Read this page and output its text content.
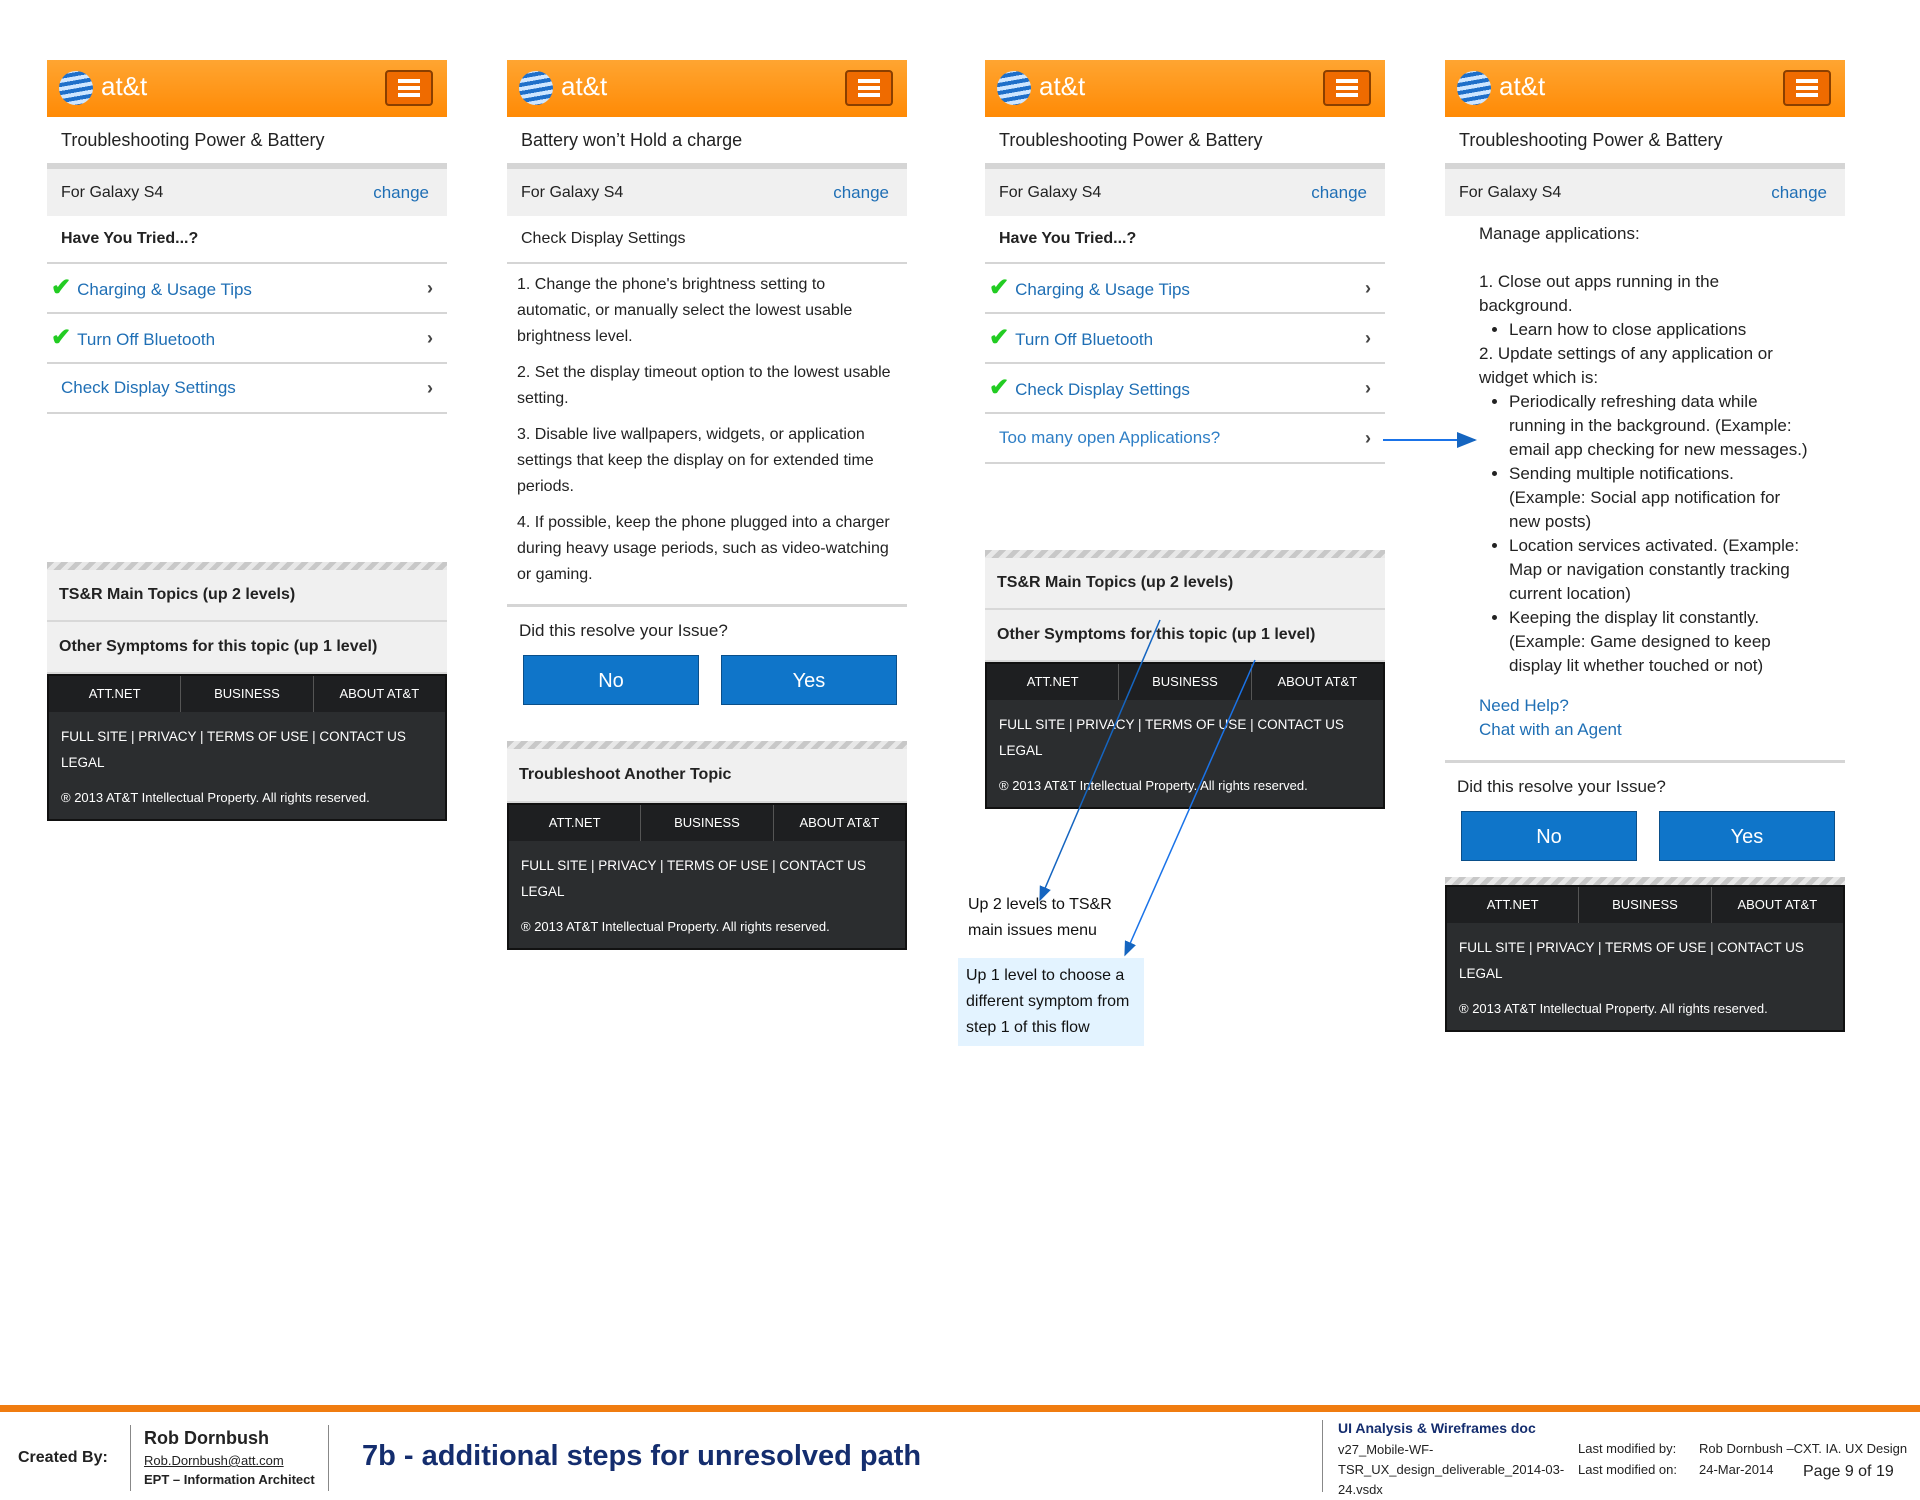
at&t
Troubleshooting Power & Battery
For Galaxy S4	change
Have You Tried...?
✔ Charging & Usage Tips	›
✔ Turn Off Bluetooth	›
Check Display Settings	›
TS&R Main Topics (up 2 levels)
Other Symptoms for this topic (up 1 level)
ATT.NET	BUSINESS	ABOUT AT&T
FULL SITE | PRIVACY | TERMS OF USE | CONTACT US
LEGAL
® 2013 AT&T Intellectual Property. All rights reserved.
at&t
Battery won’t Hold a charge
For Galaxy S4	change
Check Display Settings

1. Change the phone's brightness setting to automatic, or manually select the lowest usable brightness level.

2. Set the display timeout option to the lowest usable setting.

3. Disable live wallpapers, widgets, or application settings that keep the display on for extended time periods.

4. If possible, keep the phone plugged into a charger during heavy usage periods, such as video-watching or gaming.

Did this resolve your Issue?
No	Yes
Troubleshoot Another Topic
ATT.NET	BUSINESS	ABOUT AT&T
FULL SITE | PRIVACY | TERMS OF USE | CONTACT US
LEGAL
® 2013 AT&T Intellectual Property. All rights reserved.
at&t
Troubleshooting Power & Battery
For Galaxy S4	change
Have You Tried...?
✔ Charging & Usage Tips	›
✔ Turn Off Bluetooth	›
✔ Check Display Settings	›
Too many open Applications?	›
TS&R Main Topics (up 2 levels)
Other Symptoms for this topic (up 1 level)
ATT.NET	BUSINESS	ABOUT AT&T
FULL SITE | PRIVACY | TERMS OF USE | CONTACT US
LEGAL
® 2013 AT&T Intellectual Property. All rights reserved.
at&t
Troubleshooting Power & Battery
For Galaxy S4	change
Manage applications:
1. Close out apps running in the background.
• Learn how to close applications
2. Update settings of any application or widget which is:
• Periodically refreshing data while running in the background. (Example: email app checking for new messages.)
• Sending multiple notifications. (Example: Social app notification for new posts)
• Location services activated. (Example: Map or navigation constantly tracking current location)
• Keeping the display lit constantly. (Example: Game designed to keep display lit whether touched or not)
Need Help?
Chat with an Agent
Did this resolve your Issue?
No	Yes
ATT.NET	BUSINESS	ABOUT AT&T
FULL SITE | PRIVACY | TERMS OF USE | CONTACT US
LEGAL
® 2013 AT&T Intellectual Property. All rights reserved.
Up 2 levels to TS&R main issues menu
Up 1 level to choose a different symptom from step 1 of this flow
Created By:
Rob Dornbush
Rob.Dornbush@att.com
EPT – Information Architect
7b - additional steps for unresolved path
UI Analysis & Wireframes doc
v27_Mobile-WF-TSR_UX_design_deliverable_2014-03-24.vsdx
Last modified by: Rob Dornbush –CXT. IA. UX Design
Last modified on: 24-Mar-2014 Page 9 of 19
